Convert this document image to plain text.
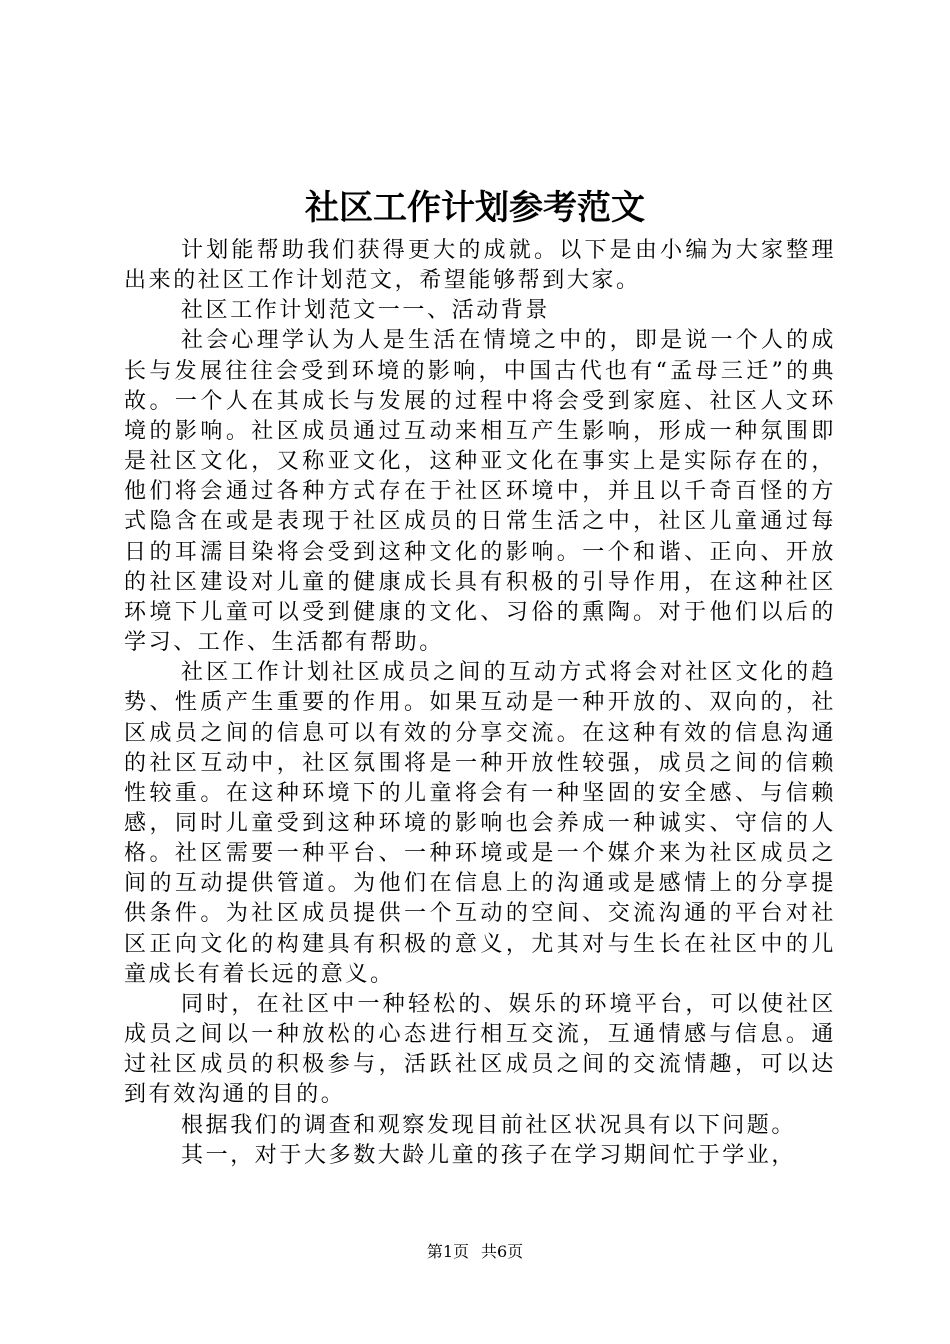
社区工作计划参考范文

计划能帮助我们获得更大的成就。以下是由小编为大家整理出来的社区工作计划范文，希望能够帮到大家。

社区工作计划范文一一、活动背景

社会心理学认为人是生活在情境之中的，即是说一个人的成长与发展往往会受到环境的影响，中国古代也有“孟母三迁”的典故。一个人在其成长与发展的过程中将会受到家庭、社区人文环境的影响。社区成员通过互动来相互产生影响，形成一种氛围即是社区文化，又称亚文化，这种亚文化在事实上是实际存在的，他们将会通过各种方式存在于社区环境中，并且以千奇百怪的方式隐含在或是表现于社区成员的日常生活之中，社区儿童通过每日的耳濡目染将会受到这种文化的影响。一个和谐、正向、开放的社区建设对儿童的健康成长具有积极的引导作用，在这种社区环境下儿童可以受到健康的文化、习俗的熏陶。对于他们以后的学习、工作、生活都有帮助。

社区工作计划社区成员之间的互动方式将会对社区文化的趋势、性质产生重要的作用。如果互动是一种开放的、双向的，社区成员之间的信息可以有效的分享交流。在这种有效的信息沟通的社区互动中，社区氛围将是一种开放性较强，成员之间的信赖性较重。在这种环境下的儿童将会有一种坚固的安全感、与信赖感，同时儿童受到这种环境的影响也会养成一种诚实、守信的人格。社区需要一种平台、一种环境或是一个媒介来为社区成员之间的互动提供管道。为他们在信息上的沟通或是感情上的分享提供条件。为社区成员提供一个互动的空间、交流沟通的平台对社区正向文化的构建具有积极的意义，尤其对与生长在社区中的儿童成长有着长远的意义。

同时，在社区中一种轻松的、娱乐的环境平台，可以使社区成员之间以一种放松的心态进行相互交流，互通情感与信息。通过社区成员的积极参与，活跃社区成员之间的交流情趣，可以达到有效沟通的目的。

根据我们的调查和观察发现目前社区状况具有以下问题。

其一，对于大多数大龄儿童的孩子在学习期间忙于学业，

第1页 共6页
